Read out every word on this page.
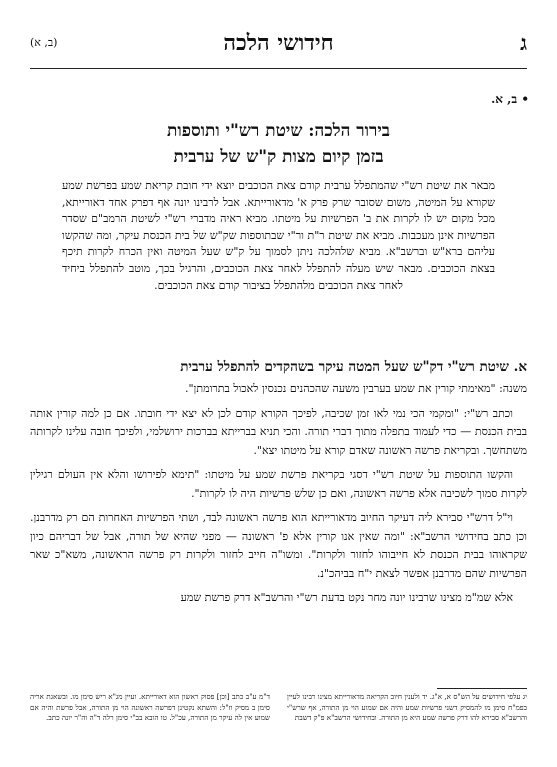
ג
חידושי הלכה
(ב, א)
• ב, א.
בירור הלכה: שיטת רש"י ותוספות
בזמן קיום מצות ק"ש של ערבית
מבאר את שיטת רש"י שהמתפלל ערבית קודם צאת הכוכבים יוצא ידי חובת קריאת שמע בפרשת שמע שקורא על המיטה, משום שסובר שרק פרק א' מדאורייתא. אבל לרבינו יונה אף דפרק אחד דאורייתא, מכל מקום יש לו לקרות את ב' הפרשיות על מיטתו. מביא ראיה מדברי רש"י לשיטת הרמב"ם שסדר הפרשיות אינן מעכבות. מביא את שיטת ר"ת ור"י שבתוספות שק"ש של בית הכנסת עיקר, ומה שהקשו עליהם ברא"ש וברשב"א. מביא שלהלכה ניתן לסמוך על ק"ש שעל המיטה ואין הכרח לקרות תיכף בצאת הכוכבים. מבאר שיש מעלה להתפלל לאחר צאת הכוכבים, והרגיל בכך, מוטב להתפלל ביחיד לאחר צאת הכוכבים מלהתפלל בציבור קודם צאת הכוכבים.
א. שיטת רש"י דק"ש שעל המטה עיקר בשהקדים להתפלל ערבית

משנה: "מאימתי קורין את שמע בערבין משעה שהכהנים נכנסין לאכול בתרומתן".

וכתב רש"י: "ומקמי הכי נמי לאו זמן שכיבה, לפיכך הקורא קודם לכן לא יצא ידי חובתו. אם כן למה קורין אותה בבית הכנסת — כדי לעמוד בתפלה מתוך דברי תורה. והכי תניא בברייתא בברכות ירושלמי, ולפיכך חובה עלינו לקרותה משתחשך. ובקריאת פרשה ראשונה שאדם קורא על מיטתו יצא".

והקשו התוספות על שיטת רש"י דסגי בקריאת פרשת שמע על מיטתו: "תימא לפירושו והלא אין העולם רגילין לקרות סמוך לשכיבה אלא פרשה ראשונה, ואם כן שלש פרשיות היה לו לקרות".

וי"ל דרש"י סבירא ליה דעיקר החיוב מדאורייתא הוא פרשה ראשונה לבד, ושתי הפרשיות האחרות הם רק מדרבנן. וכן כתב בחידושי הרשב"א: "ומה שאין אנו קורין אלא פ' ראשונה — מפני שהיא של תורה, אבל של דבריהם כיון שקראוהו בבית הכנסת לא חייבוהו לחזור ולקרות". ומשו"ה חייב לחזור ולקרות רק פרשה הראשונה, משא"כ שאר הפרשיות שהם מדרבנן אפשר לצאת י"ח בביהכ"נ.

אלא שמ"מ מצינו שרבינו יונה מחר נקט בדעת רש"י והרשב"א דרק פרשת שמע

יג עלפי חידושים על הש"ס א, א"ג. יד ולענין חיוב הקריאה מדאורייתא מצינו רבינו לעיין בפמ"ח סימן מו להמסיק דשני פרשיות שמע והיה אם שמוע הוי מן התורה, אף שרש"י והרשב"א סבירא להו דרק פרשה שמע היא מן התורה. ובחידושי הרשב"א פ"ק דשבת
ד"מ ע"ב כתב [וכן] פסוק ראשון הוא דאורייתא. ועיין מג"א ריש סימן מו. ובשאגת אריה סימן ב מסיק וז"ל: והשתא נקטינן דפרשה ראשונה הוי מן התורה, אבל פרשת והיה אם שמוע אין לה עיקר מן התורה, עכ"ל. טו הובא בב"י סימן רלה ד"ה וה"ר יונה כתב.
